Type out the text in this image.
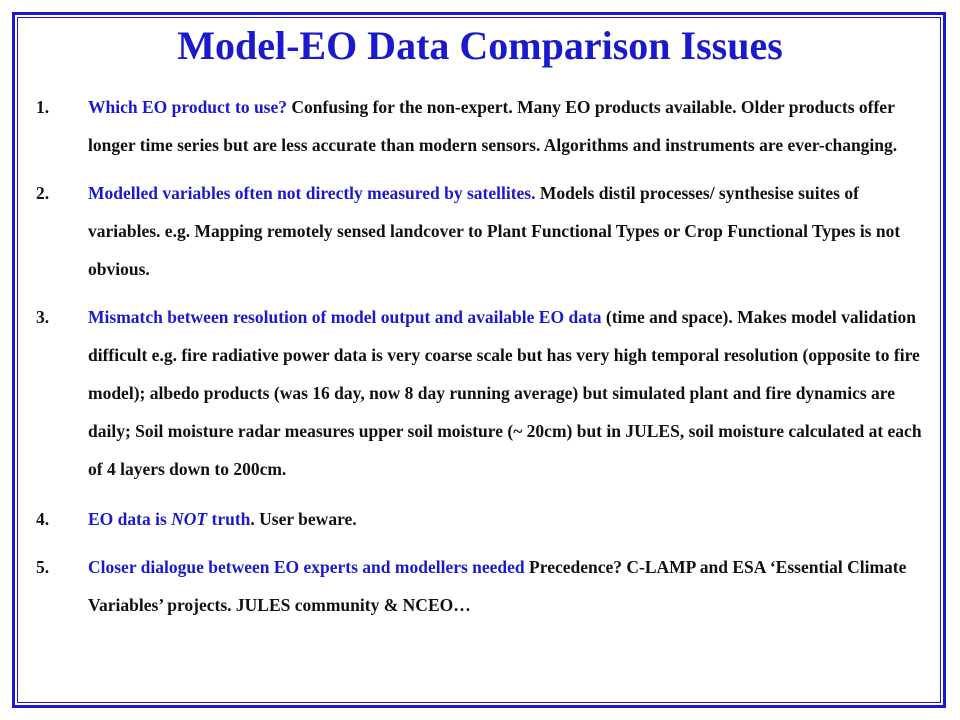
Model-EO Data Comparison Issues
1. Which EO product to use? Confusing for the non-expert. Many EO products available. Older products offer longer time series but are less accurate than modern sensors. Algorithms and instruments are ever-changing.
2. Modelled variables often not directly measured by satellites. Models distil processes/ synthesise suites of variables. e.g. Mapping remotely sensed landcover to Plant Functional Types or Crop Functional Types is not obvious.
3. Mismatch between resolution of model output and available EO data (time and space). Makes model validation difficult e.g. fire radiative power data is very coarse scale but has very high temporal resolution (opposite to fire model); albedo products (was 16 day, now 8 day running average) but simulated plant and fire dynamics are daily; Soil moisture radar measures upper soil moisture (~ 20cm) but in JULES, soil moisture calculated at each of 4 layers down to 200cm.
4. EO data is NOT truth. User beware.
5. Closer dialogue between EO experts and modellers needed Precedence? C-LAMP and ESA ‘Essential Climate Variables’ projects. JULES community & NCEO…
